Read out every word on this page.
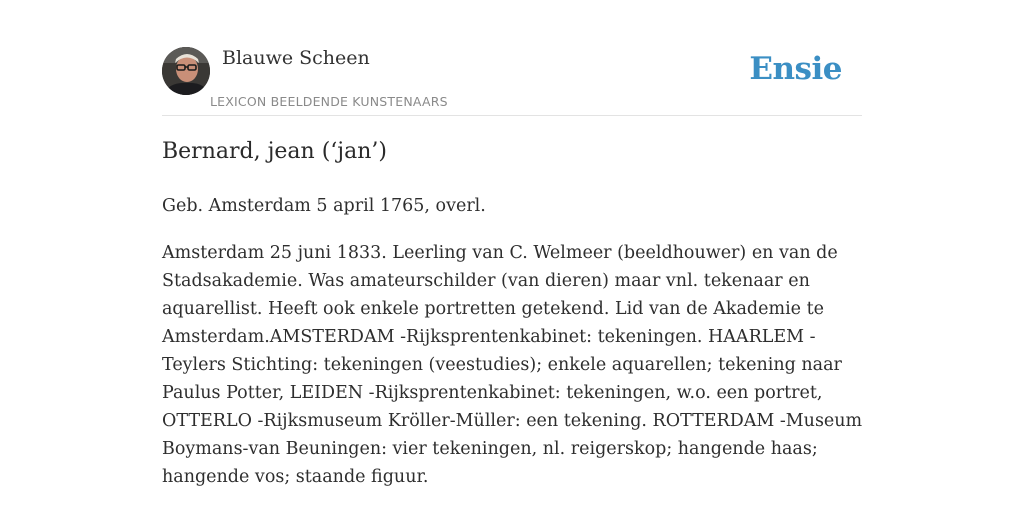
Blauwe Scheen
LEXICON BEELDENDE KUNSTENAARS
Ensie
Bernard, jean (‘jan’)

Geb. Amsterdam 5 april 1765, overl.

Amsterdam 25 juni 1833. Leerling van C. Welmeer (beeldhouwer) en van de Stadsakademie. Was amateurschilder (van dieren) maar vnl. tekenaar en aquarellist. Heeft ook enkele portretten getekend. Lid van de Akademie te Amsterdam.AMSTERDAM -Rijksprentenkabinet: tekeningen. HAARLEM -Teylers Stichting: tekeningen (veestudies); enkele aquarellen; tekening naar Paulus Potter, LEIDEN -Rijksprentenkabinet: tekeningen, w.o. een portret, OTTERLO -Rijksmuseum Kröller-Müller: een tekening. ROTTERDAM -Museum Boymans-van Beuningen: vier tekeningen, nl. reigerskop; hangende haas; hangende vos; staande figuur.
